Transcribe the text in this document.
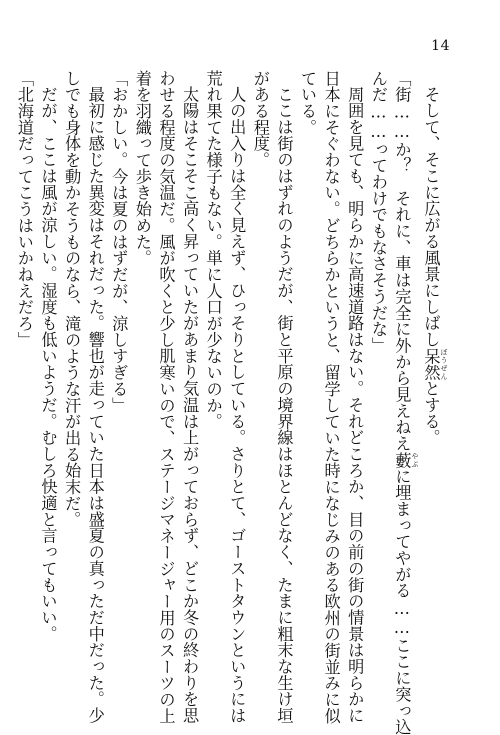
14
そして、そこに広がる風景にしばし呆然 ぼうぜんとする。
「街……か？　それに、車は完全に外から見えねえ藪 やぶに埋まってやがる……ここに突っ込
んだ……ってわけでもなさそうだな」
周囲を見ても、明らかに高速道路はない。それどころか、目の前の街の情景は明らかに
日本にそぐわない。どちらかというと、留学していた時になじみのある欧州の街並みに似
ている。
ここは街のはずれのようだが、街と平原の境界線はほとんどなく、たまに粗末な生け垣
がある程度。
人の出入りは全く見えず、ひっそりとしている。さりとて、ゴーストタウンというには
荒れ果てた様子もない。単に人口が少ないのか。
太陽はそこそこ高く昇っていたがあまり気温は上がっておらず、どこか冬の終わりを思
わせる程度の気温だ。風が吹くと少し肌寒いので、ステージマネージャー用のスーツの上
着を羽織って歩き始めた。
「おかしい。今は夏のはずだが、涼しすぎる」
最初に感じた異変はそれだった。響也が走っていた日本は盛夏の真っただ中だった。少
しでも身体を動かそうものなら、滝のような汗が出る始末だ。
だが、ここは風が涼しい。湿度も低いようだ。むしろ快適と言ってもいい。
「北海道だってこうはいかねえだろ」
